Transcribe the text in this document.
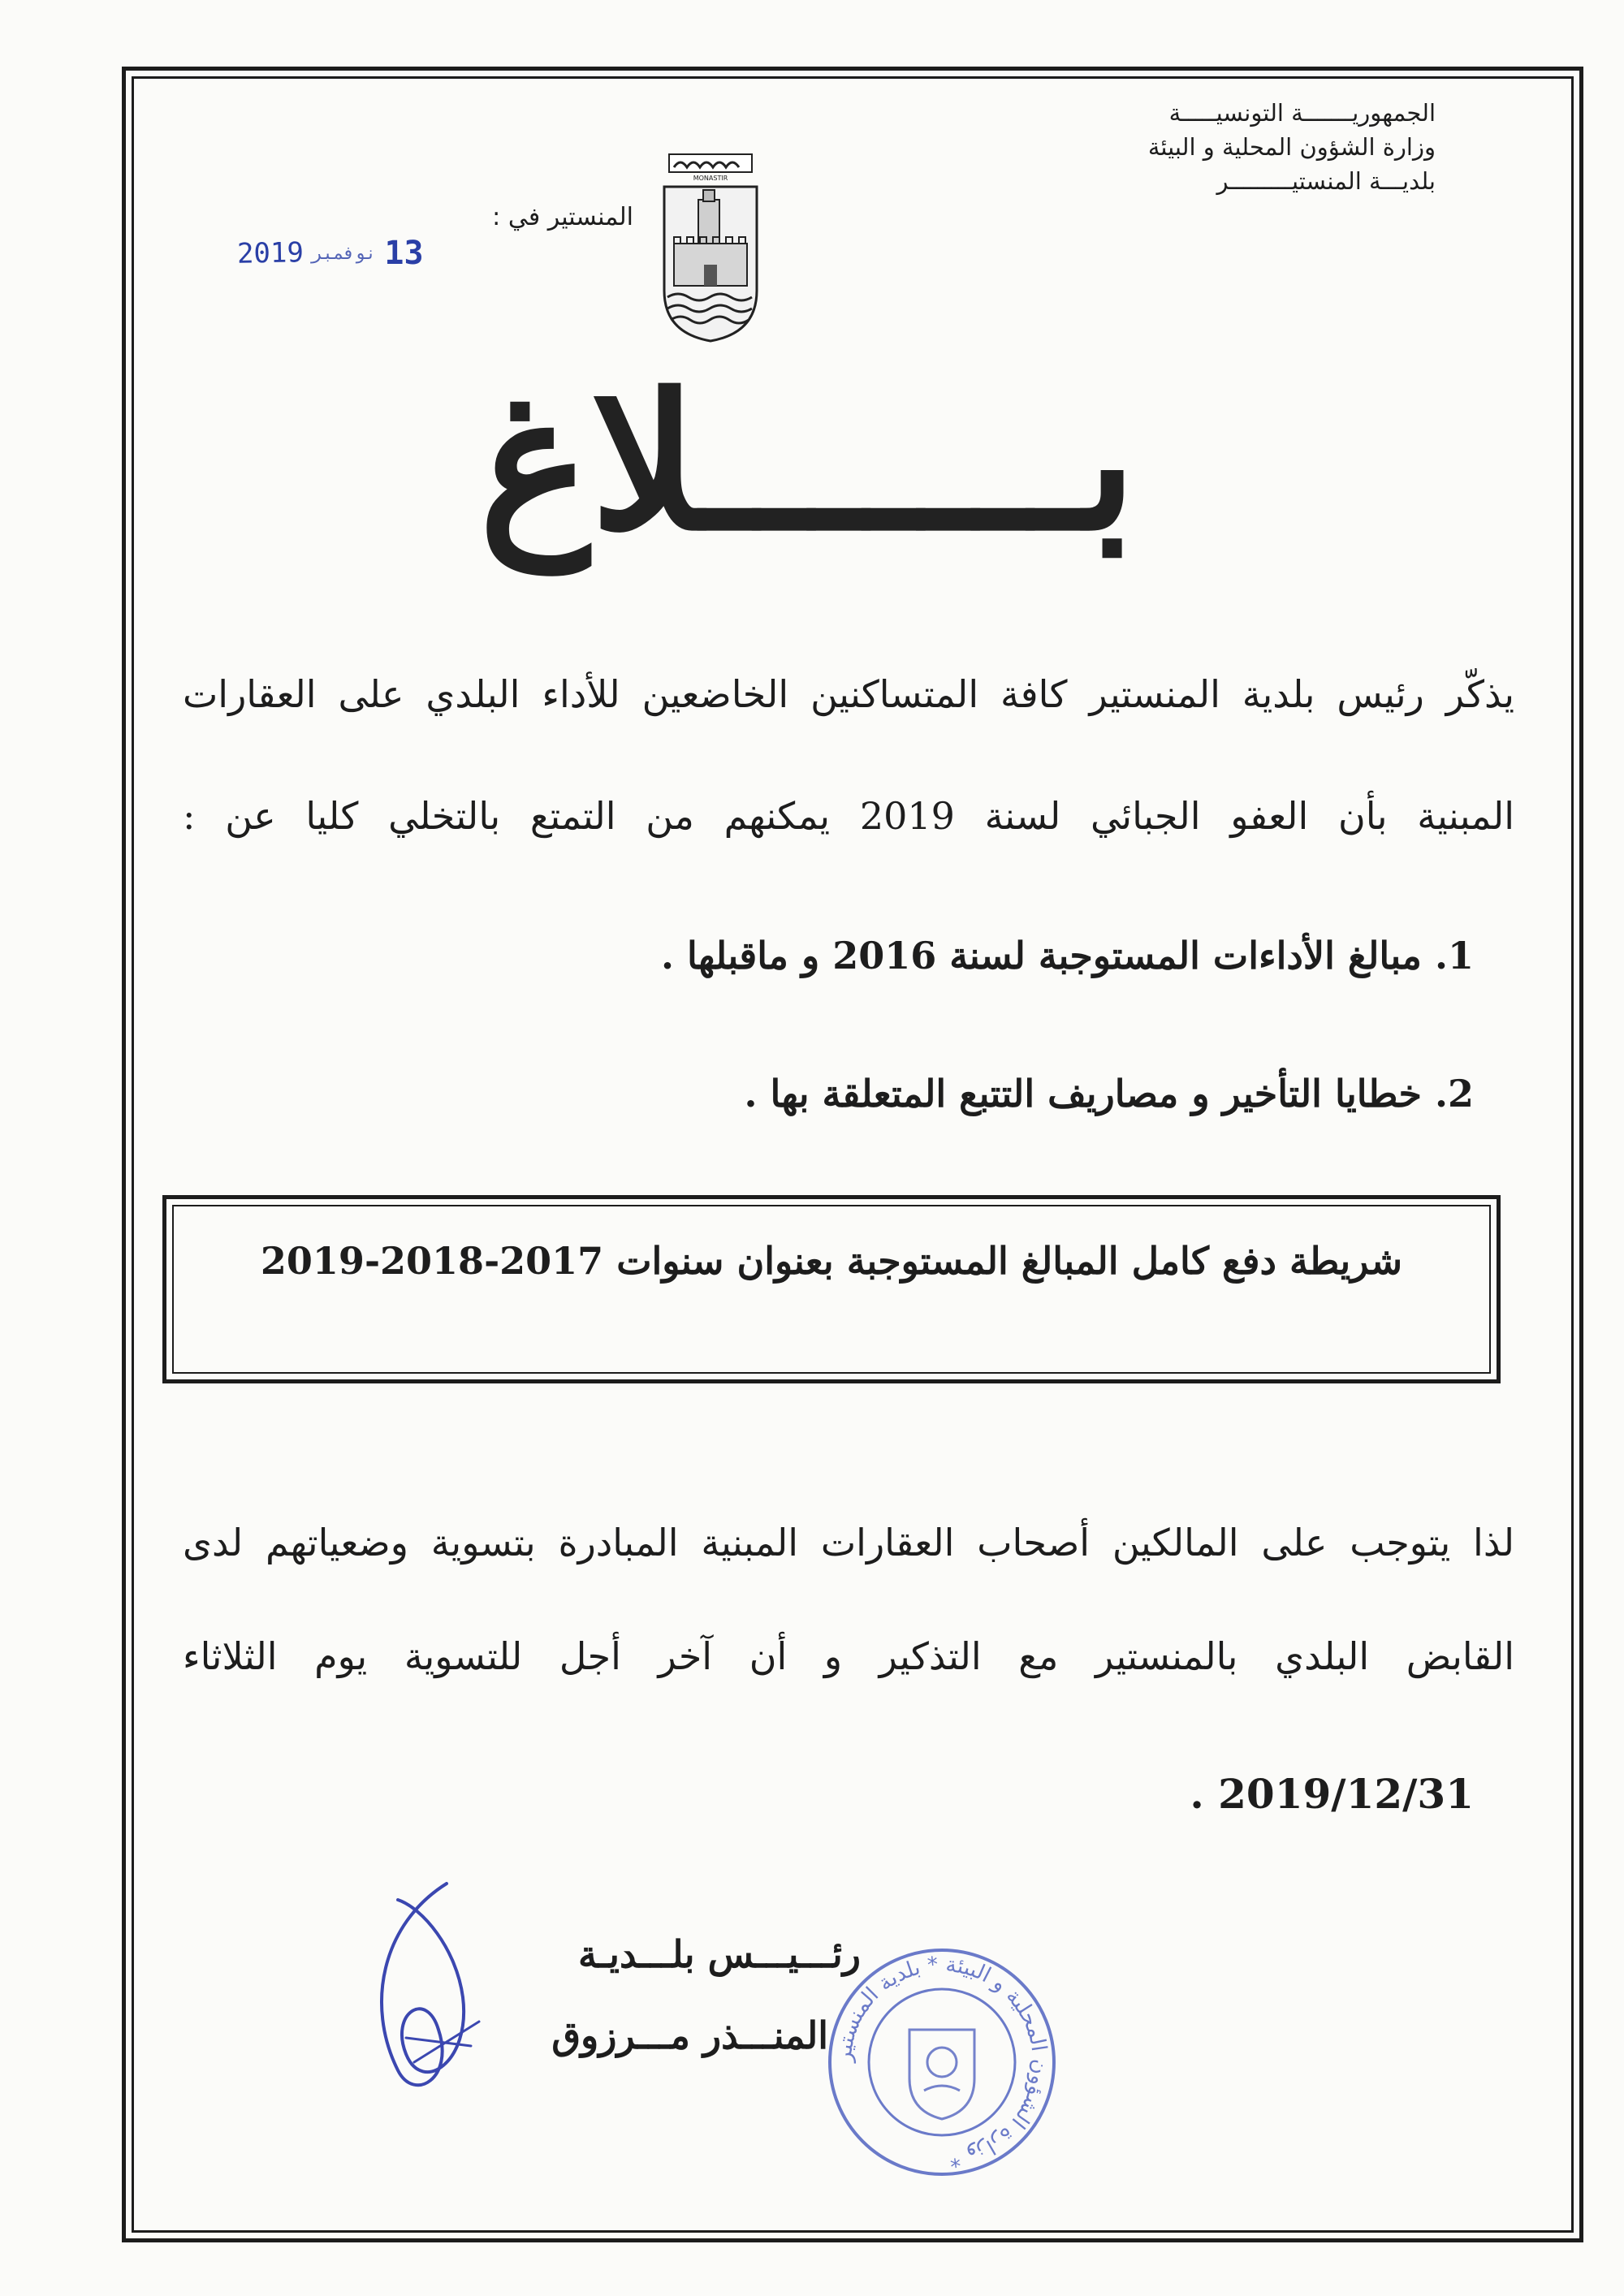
الجمهوريـــــــة التونسيـــــة
وزارة الشؤون المحلية و البيئة
بلديـــة المنستيـــــــــر
MONASTIR
المنستير في :
2019 نوفمبر 13
بـــــــلاغ
يذكّر رئيس بلدية المنستير كافة المتساكنين الخاضعين للأداء البلدي على العقارات المبنية بأن العفو الجبائي لسنة 2019 يمكنهم من التمتع بالتخلي كليا عن :
1. مبالغ الأداءات المستوجبة لسنة 2016 و ماقبلها .
2. خطايا التأخير و مصاريف التتبع المتعلقة بها .
شريطة دفع كامل المبالغ المستوجبة بعنوان سنوات 2017-2018-2019
لذا يتوجب على المالكين أصحاب العقارات المبنية المبادرة بتسوية وضعياتهم لدى القابض البلدي بالمنستير مع التذكير و أن آخر أجل للتسوية يوم الثلاثاء
. 2019/12/31
رئـــيـــس بلـــديـة
المنـــذر مـــرزوق وزارة الشؤون المحلية و البيئة * بلدية المنستير *
